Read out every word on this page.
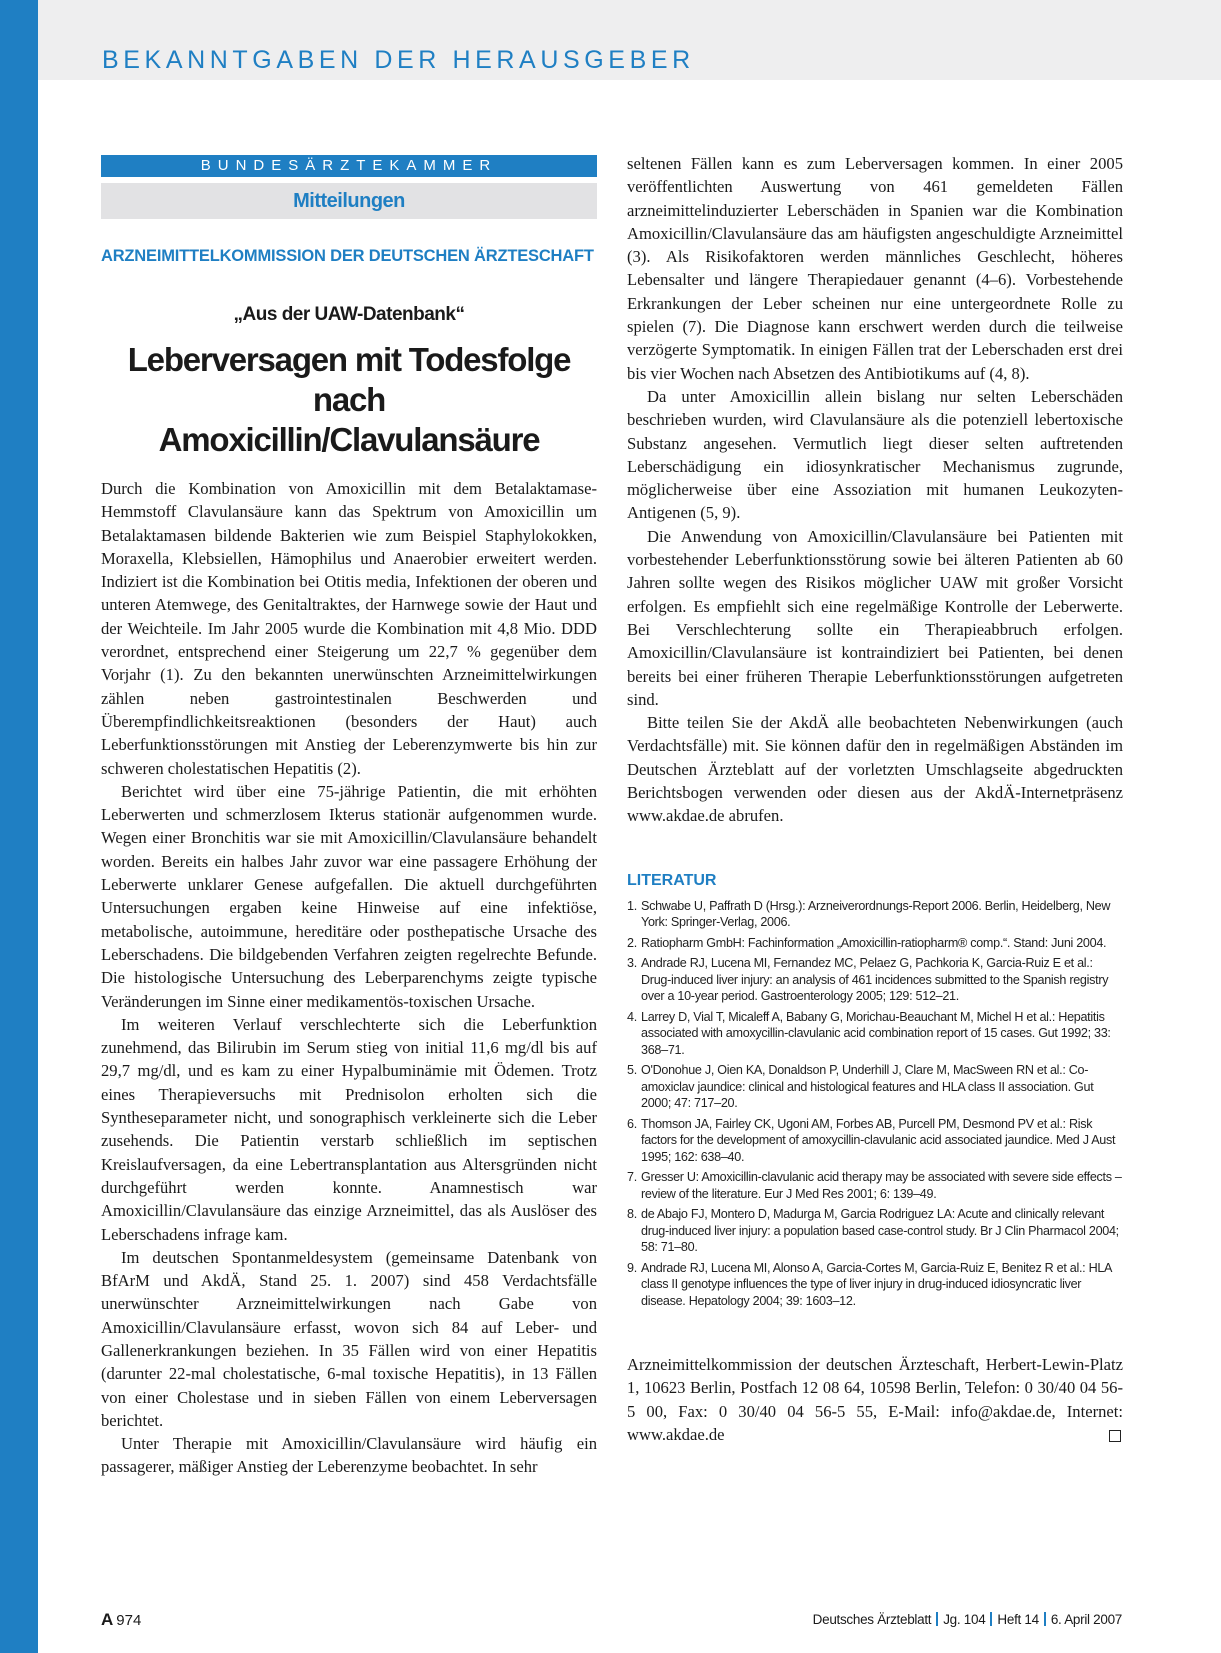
BEKANNTGABEN DER HERAUSGEBER
BUNDESÄRZTEKAMMER
Mitteilungen
ARZNEIMITTELKOMMISSION DER DEUTSCHEN ÄRZTESCHAFT
„Aus der UAW-Datenbank“
Leberversagen mit Todesfolge nach
Amoxicillin/Clavulansäure

Durch die Kombination von Amoxicillin mit dem Betalaktamase-Hemmstoff Clavulansäure kann das Spektrum von Amoxicillin um Betalaktamasen bildende Bakterien wie zum Beispiel Staphylokokken, Moraxella, Klebsiellen, Hämophilus und Anaerobier erweitert werden. Indiziert ist die Kombination bei Otitis media, Infektionen der oberen und unteren Atemwege, des Genitaltraktes, der Harnwege sowie der Haut und der Weichteile. Im Jahr 2005 wurde die Kombination mit 4,8 Mio. DDD verordnet, entsprechend einer Steigerung um 22,7 % gegenüber dem Vorjahr (1). Zu den bekannten unerwünschten Arzneimittelwirkungen zählen neben gastrointestinalen Beschwerden und Überempfindlichkeitsreaktionen (besonders der Haut) auch Leberfunktionsstörungen mit Anstieg der Leberenzymwerte bis hin zur schweren cholestatischen Hepatitis (2).

Berichtet wird über eine 75-jährige Patientin, die mit erhöhten Leberwerten und schmerzlosem Ikterus stationär aufgenommen wurde. Wegen einer Bronchitis war sie mit Amoxicillin/Clavulansäure behandelt worden. Bereits ein halbes Jahr zuvor war eine passagere Erhöhung der Leberwerte unklarer Genese aufgefallen. Die aktuell durchgeführten Untersuchungen ergaben keine Hinweise auf eine infektiöse, metabolische, autoimmune, hereditäre oder posthepatische Ursache des Leberschadens. Die bildgebenden Verfahren zeigten regelrechte Befunde. Die histologische Untersuchung des Leberparenchyms zeigte typische Veränderungen im Sinne einer medikamentös-toxischen Ursache.

Im weiteren Verlauf verschlechterte sich die Leberfunktion zunehmend, das Bilirubin im Serum stieg von initial 11,6 mg/dl bis auf 29,7 mg/dl, und es kam zu einer Hypalbuminämie mit Ödemen. Trotz eines Therapieversuchs mit Prednisolon erholten sich die Syntheseparameter nicht, und sonographisch verkleinerte sich die Leber zusehends. Die Patientin verstarb schließlich im septischen Kreislaufversagen, da eine Lebertransplantation aus Altersgründen nicht durchgeführt werden konnte. Anamnestisch war Amoxicillin/Clavulansäure das einzige Arzneimittel, das als Auslöser des Leberschadens infrage kam.

Im deutschen Spontanmeldesystem (gemeinsame Datenbank von BfArM und AkdÄ, Stand 25. 1. 2007) sind 458 Verdachtsfälle unerwünschter Arzneimittelwirkungen nach Gabe von Amoxicillin/Clavulansäure erfasst, wovon sich 84 auf Leber- und Gallenerkrankungen beziehen. In 35 Fällen wird von einer Hepatitis (darunter 22-mal cholestatische, 6-mal toxische Hepatitis), in 13 Fällen von einer Cholestase und in sieben Fällen von einem Leberversagen berichtet.

Unter Therapie mit Amoxicillin/Clavulansäure wird häufig ein passagerer, mäßiger Anstieg der Leberenzyme beobachtet. In sehr

seltenen Fällen kann es zum Leberversagen kommen. In einer 2005 veröffentlichten Auswertung von 461 gemeldeten Fällen arzneimittelinduzierter Leberschäden in Spanien war die Kombination Amoxicillin/Clavulansäure das am häufigsten angeschuldigte Arzneimittel (3). Als Risikofaktoren werden männliches Geschlecht, höheres Lebensalter und längere Therapiedauer genannt (4–6). Vorbestehende Erkrankungen der Leber scheinen nur eine untergeordnete Rolle zu spielen (7). Die Diagnose kann erschwert werden durch die teilweise verzögerte Symptomatik. In einigen Fällen trat der Leberschaden erst drei bis vier Wochen nach Absetzen des Antibiotikums auf (4, 8).

Da unter Amoxicillin allein bislang nur selten Leberschäden beschrieben wurden, wird Clavulansäure als die potenziell lebertoxische Substanz angesehen. Vermutlich liegt dieser selten auftretenden Leberschädigung ein idiosynkratischer Mechanismus zugrunde, möglicherweise über eine Assoziation mit humanen Leukozyten-Antigenen (5, 9).

Die Anwendung von Amoxicillin/Clavulansäure bei Patienten mit vorbestehender Leberfunktionsstörung sowie bei älteren Patienten ab 60 Jahren sollte wegen des Risikos möglicher UAW mit großer Vorsicht erfolgen. Es empfiehlt sich eine regelmäßige Kontrolle der Leberwerte. Bei Verschlechterung sollte ein Therapieabbruch erfolgen. Amoxicillin/Clavulansäure ist kontraindiziert bei Patienten, bei denen bereits bei einer früheren Therapie Leberfunktionsstörungen aufgetreten sind.

Bitte teilen Sie der AkdÄ alle beobachteten Nebenwirkungen (auch Verdachtsfälle) mit. Sie können dafür den in regelmäßigen Abständen im Deutschen Ärzteblatt auf der vorletzten Umschlagseite abgedruckten Berichtsbogen verwenden oder diesen aus der AkdÄ-Internetpräsenz www.akdae.de abrufen.

LITERATUR
1. Schwabe U, Paffrath D (Hrsg.): Arzneiverordnungs-Report 2006. Berlin, Heidelberg, New York: Springer-Verlag, 2006.
2. Ratiopharm GmbH: Fachinformation „Amoxicillin-ratiopharm® comp.“. Stand: Juni 2004.
3. Andrade RJ, Lucena MI, Fernandez MC, Pelaez G, Pachkoria K, Garcia-Ruiz E et al.: Drug-induced liver injury: an analysis of 461 incidences submitted to the Spanish registry over a 10-year period. Gastroenterology 2005; 129: 512–21.
4. Larrey D, Vial T, Micaleff A, Babany G, Morichau-Beauchant M, Michel H et al.: Hepatitis associated with amoxycillin-clavulanic acid combination report of 15 cases. Gut 1992; 33: 368–71.
5. O'Donohue J, Oien KA, Donaldson P, Underhill J, Clare M, MacSween RN et al.: Co-amoxiclav jaundice: clinical and histological features and HLA class II association. Gut 2000; 47: 717–20.
6. Thomson JA, Fairley CK, Ugoni AM, Forbes AB, Purcell PM, Desmond PV et al.: Risk factors for the development of amoxycillin-clavulanic acid associated jaundice. Med J Aust 1995; 162: 638–40.
7. Gresser U: Amoxicillin-clavulanic acid therapy may be associated with severe side effects – review of the literature. Eur J Med Res 2001; 6: 139–49.
8. de Abajo FJ, Montero D, Madurga M, Garcia Rodriguez LA: Acute and clinically relevant drug-induced liver injury: a population based case-control study. Br J Clin Pharmacol 2004; 58: 71–80.
9. Andrade RJ, Lucena MI, Alonso A, Garcia-Cortes M, Garcia-Ruiz E, Benitez R et al.: HLA class II genotype influences the type of liver injury in drug-induced idiosyncratic liver disease. Hepatology 2004; 39: 1603–12.

Arzneimittelkommission der deutschen Ärzteschaft, Herbert-Lewin-Platz 1, 10623 Berlin, Postfach 12 08 64, 10598 Berlin, Telefon: 0 30/40 04 56-5 00, Fax: 0 30/40 04 56-5 55, E-Mail: info@akdae.de, Internet: www.akdae.de

A 974	Deutsches Ärzteblatt Jg. 104 Heft 14 6. April 2007
